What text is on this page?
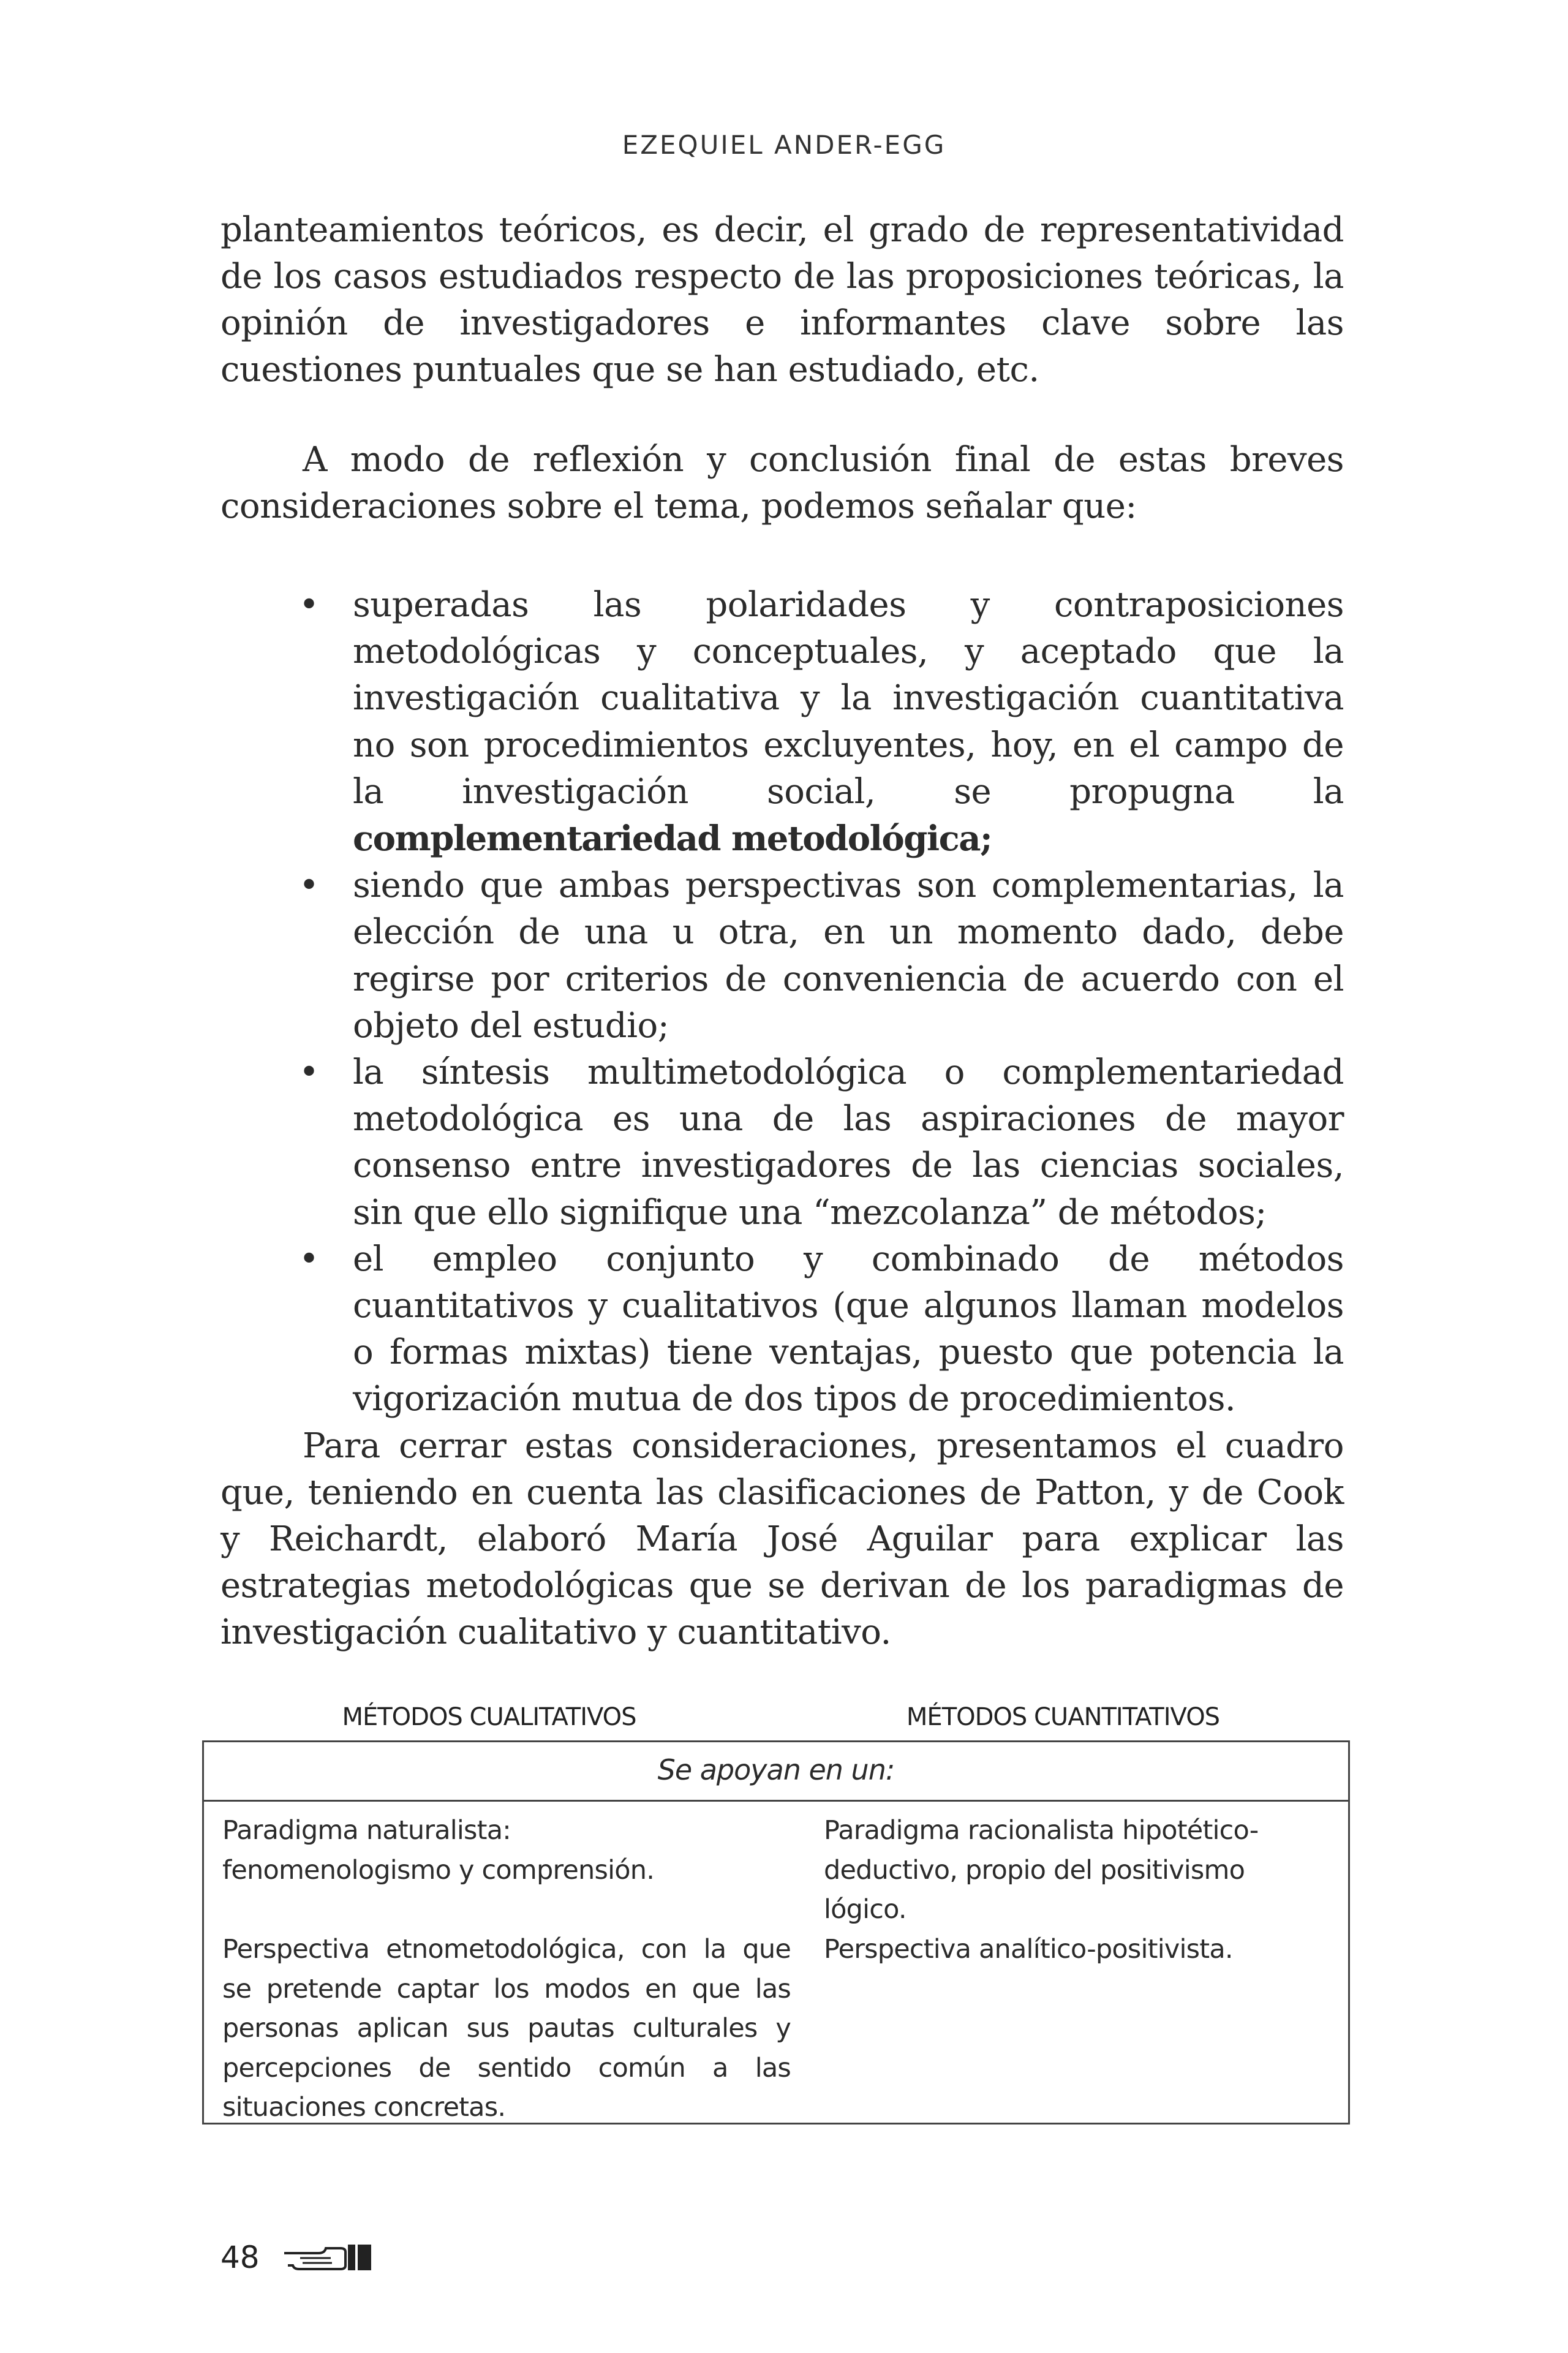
EZEQUIEL ANDER-EGG
planteamientos teóricos, es decir, el grado de representatividad de los casos estudiados respecto de las proposiciones teóricas, la opinión de investigadores e informantes clave sobre las cuestiones puntuales que se han estudiado, etc.
A modo de reflexión y conclusión final de estas breves consideraciones sobre el tema, podemos señalar que:
• superadas las polaridades y contraposiciones metodológicas y conceptuales, y aceptado que la investigación cualitativa y la investigación cuantitativa no son procedimientos excluyentes, hoy, en el campo de la investigación social, se propugna la complementariedad metodológica;
• siendo que ambas perspectivas son complementarias, la elección de una u otra, en un momento dado, debe regirse por criterios de conveniencia de acuerdo con el objeto del estudio;
• la síntesis multimetodológica o complementariedad metodológica es una de las aspiraciones de mayor consenso entre investigadores de las ciencias sociales, sin que ello signifique una “mezcolanza” de métodos;
• el empleo conjunto y combinado de métodos cuantitativos y cualitativos (que algunos llaman modelos o formas mixtas) tiene ventajas, puesto que potencia la vigorización mutua de dos tipos de procedimientos.
Para cerrar estas consideraciones, presentamos el cuadro que, teniendo en cuenta las clasificaciones de Patton, y de Cook y Reichardt, elaboró María José Aguilar para explicar las estrategias metodológicas que se derivan de los paradigmas de investigación cualitativo y cuantitativo.
MÉTODOS CUALITATIVOS	MÉTODOS CUANTITATIVOS
Se apoyan en un:

Paradigma naturalista:

fenomenologismo y comprensión.

Perspectiva etnometodológica, con la que se pretende captar los modos en que las personas aplican sus pautas culturales y percepciones de sentido común a las situaciones concretas.

Paradigma racionalista hipotético-deductivo, propio del positivismo lógico.

Perspectiva analítico-positivista.

48
